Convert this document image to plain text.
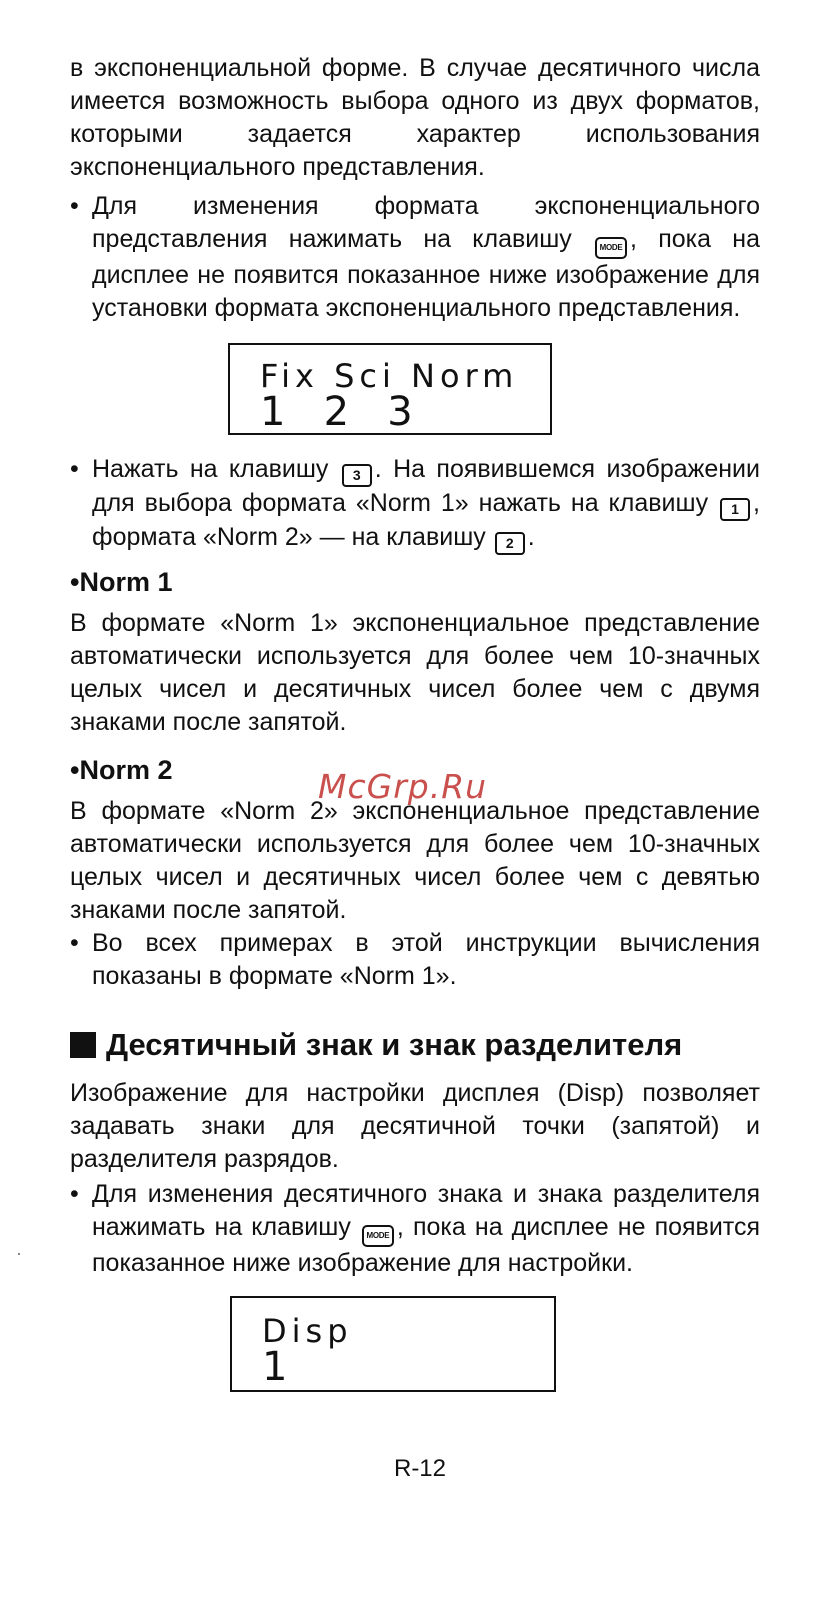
в экспоненциальной форме. В случае десятичного числа имеется возможность выбора одного из двух форматов, которыми задается характер использования экспоненциального представления.

• Для изменения формата экспоненциального представления нажимать на клавишу MODE , пока на дисплее не появится показанное ниже изображение для установки формата экспоненциального представления.

Fix Sci Norm
1   2   3

• Нажать на клавишу 3 . На появившемся изображении для выбора формата «Norm 1» нажать на клавишу 1 , формата «Norm 2» — на клавишу 2 .

•Norm 1

В формате «Norm 1» экспоненциальное представление автоматически используется для более чем 10-значных целых чисел и десятичных чисел более чем с двумя знаками после запятой.

•Norm 2

В формате «Norm 2» экспоненциальное представление автоматически используется для более чем 10-значных целых чисел и десятичных чисел более чем с девятью знаками после запятой.

• Во всех примерах в этой инструкции вычисления показаны в формате «Norm 1».

Десятичный знак и знак разделителя

Изображение для настройки дисплея (Disp) позволяет задавать знаки для десятичной точки (запятой) и разделителя разрядов.

• Для изменения десятичного знака и знака разделителя нажимать на клавишу MODE , пока на дисплее не появится показанное ниже изображение для настройки.

Disp
1
McGrp.Ru
R-12
